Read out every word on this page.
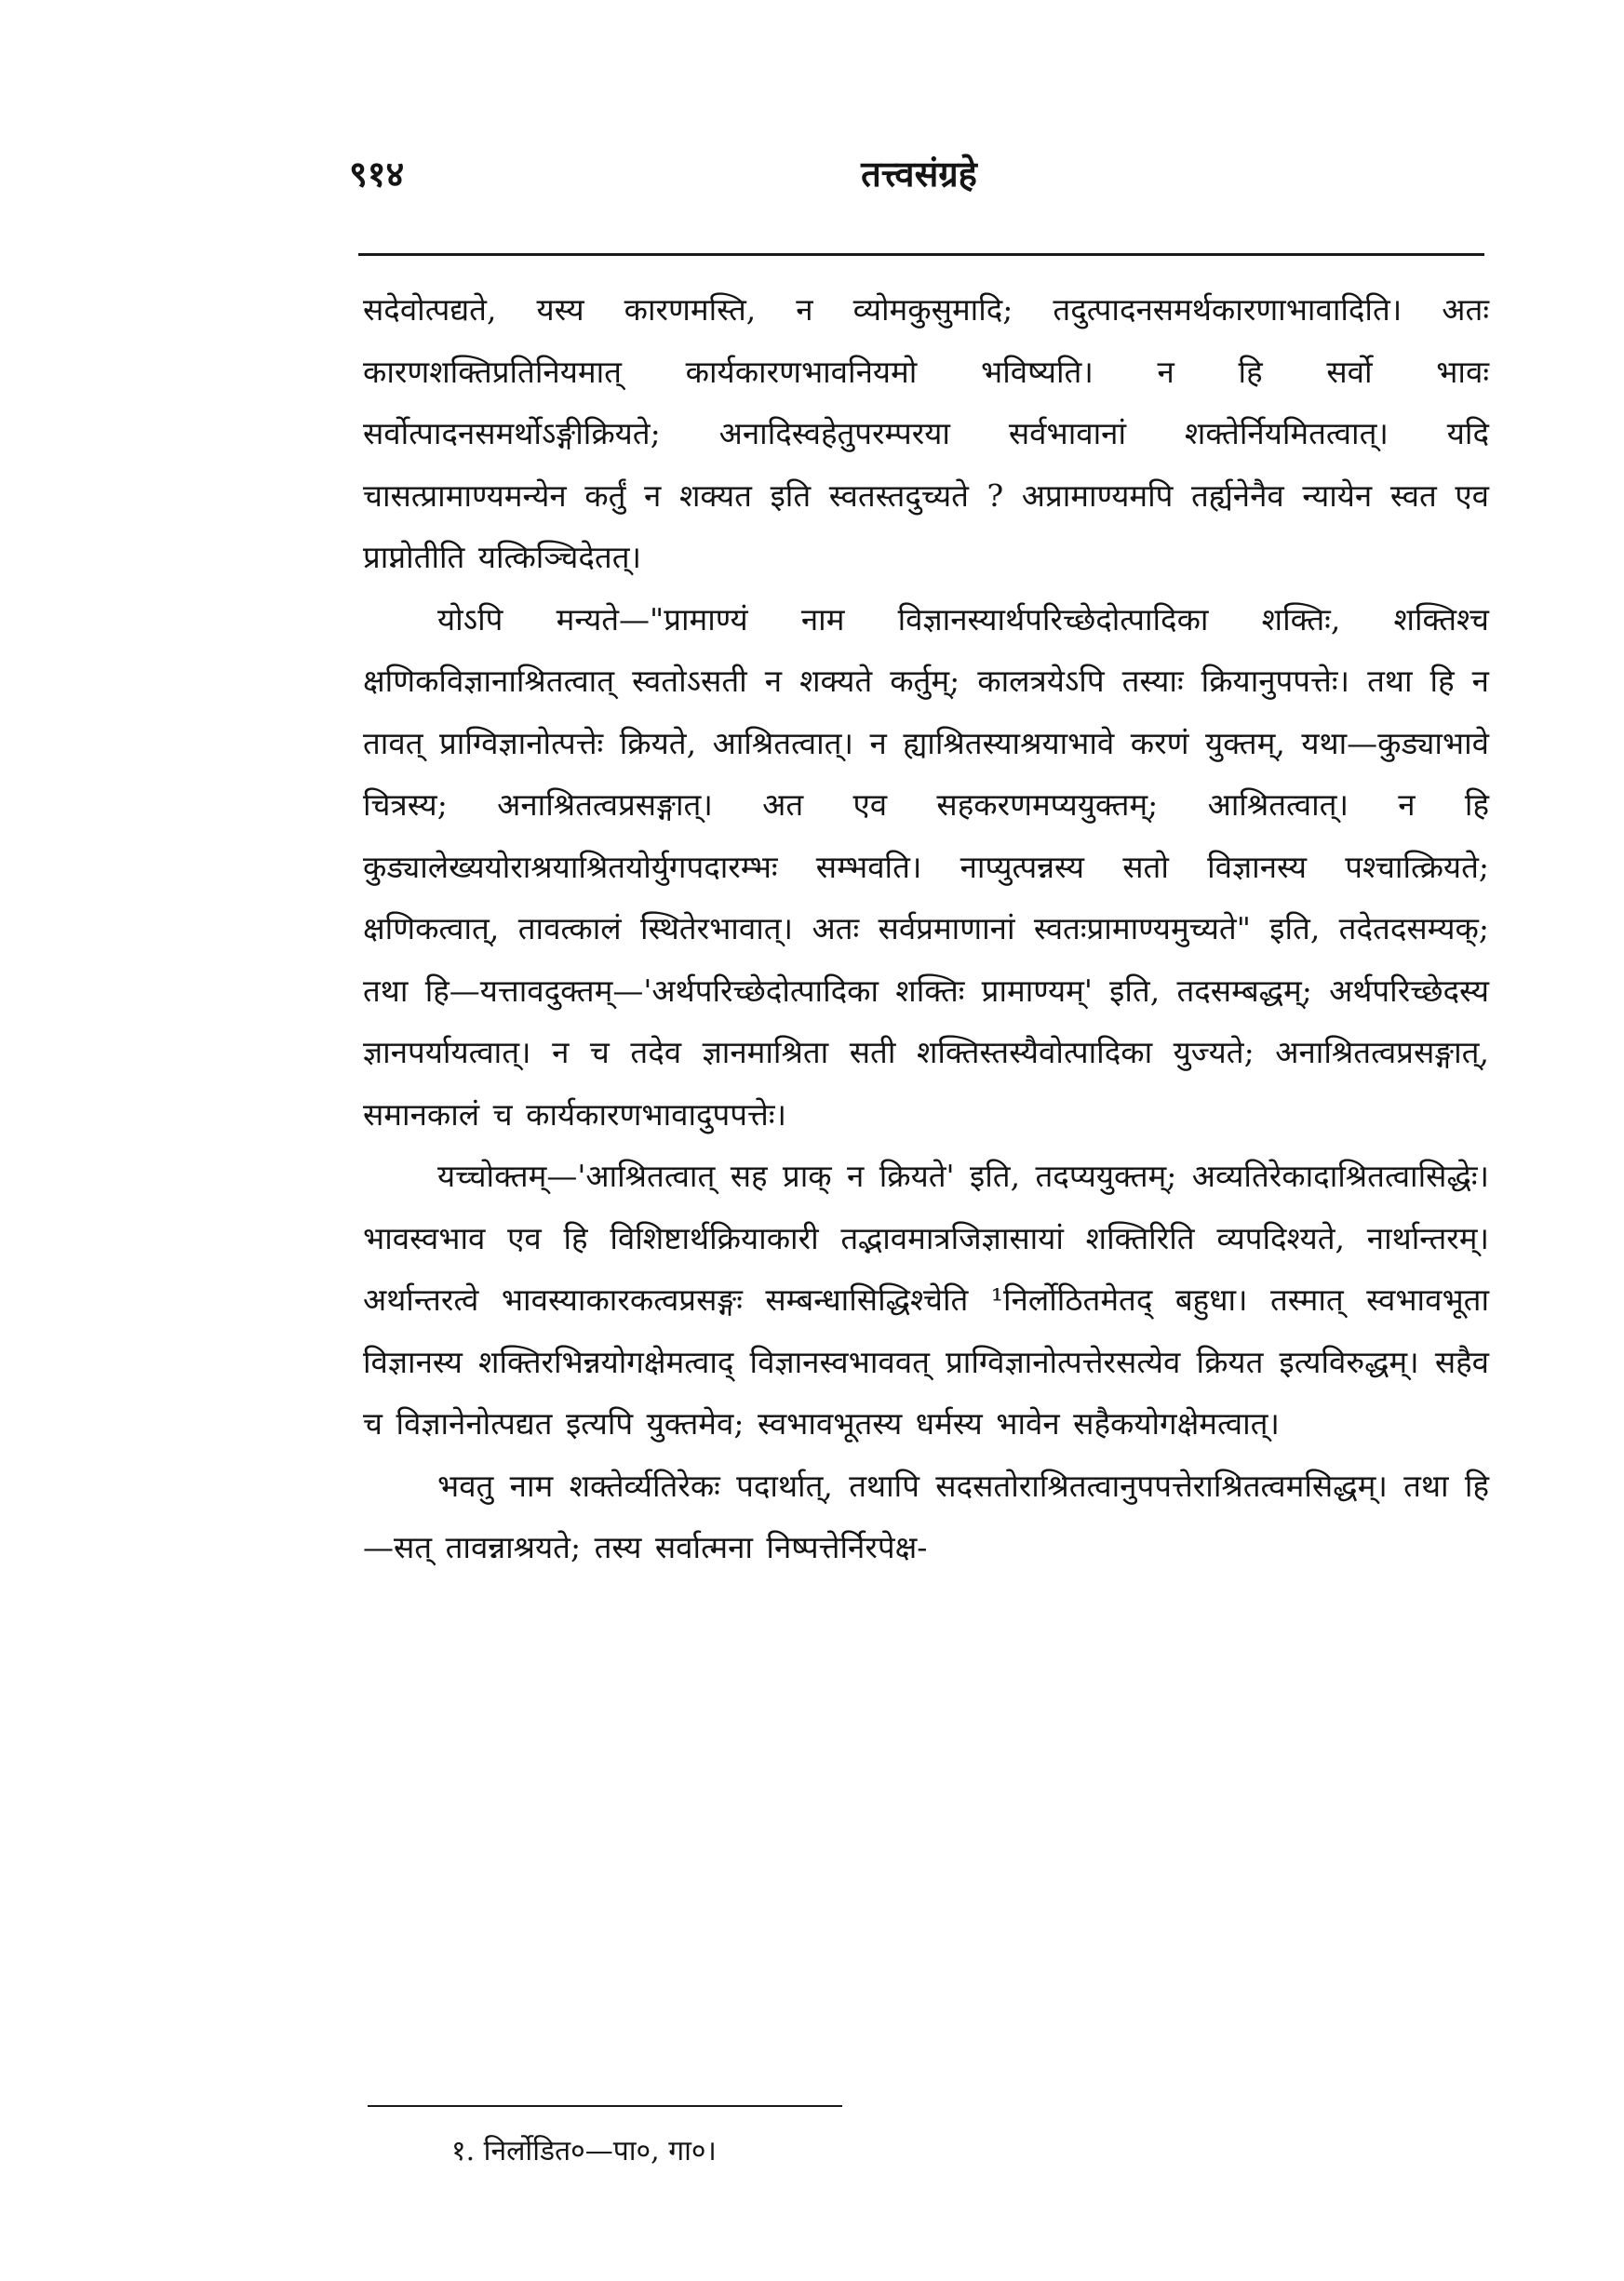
९१४	तत्त्वसंग्रहे

सदेवोत्पद्यते, यस्य कारणमस्ति, न व्योमकुसुमादि; तदुत्पादनसमर्थकारणाभावादिति। अतः कारणशक्तिप्रतिनियमात् कार्यकारणभावनियमो भविष्यति। न हि सर्वो भावः सर्वोत्पादनसमर्थोऽङ्गीक्रियते; अनादिस्वहेतुपरम्परया सर्वभावानां शक्तेर्नियमितत्वात्। यदि चासत्प्रामाण्यमन्येन कर्तुं न शक्यत इति स्वतस्तदुच्यते ? अप्रामाण्यमपि तर्ह्यनेनैव न्यायेन स्वत एव प्राप्नोतीति यत्किञ्चिदेतत्।

योऽपि मन्यते—"प्रामाण्यं नाम विज्ञानस्यार्थपरिच्छेदोत्पादिका शक्तिः, शक्तिश्च क्षणिकविज्ञानाश्रितत्वात् स्वतोऽसती न शक्यते कर्तुम्; कालत्रयेऽपि तस्याः क्रियानुपपत्तेः। तथा हि न तावत् प्राग्विज्ञानोत्पत्तेः क्रियते, आश्रितत्वात्। न ह्याश्रितस्याश्रयाभावे करणं युक्तम्, यथा—कुड्याभावे चित्रस्य; अनाश्रितत्वप्रसङ्गात्। अत एव सहकरणमप्ययुक्तम्; आश्रितत्वात्। न हि कुड्यालेख्ययोराश्रयाश्रितयोर्युगपदारम्भः सम्भवति। नाप्युत्पन्नस्य सतो विज्ञानस्य पश्चात्क्रियते; क्षणिकत्वात्, तावत्कालं स्थितेरभावात्। अतः सर्वप्रमाणानां स्वतःप्रामाण्यमुच्यते" इति, तदेतदसम्यक्; तथा हि—यत्तावदुक्तम्—'अर्थपरिच्छेदोत्पादिका शक्तिः प्रामाण्यम्' इति, तदसम्बद्धम्; अर्थपरिच्छेदस्य ज्ञानपर्यायत्वात्। न च तदेव ज्ञानमाश्रिता सती शक्तिस्तस्यैवोत्पादिका युज्यते; अनाश्रितत्वप्रसङ्गात्, समानकालं च कार्यकारणभावादुपपत्तेः।

यच्चोक्तम्—'आश्रितत्वात् सह प्राक् न क्रियते' इति, तदप्ययुक्तम्; अव्यतिरेकादाश्रितत्वासिद्धेः। भावस्वभाव एव हि विशिष्टार्थक्रियाकारी तद्भावमात्रजिज्ञासायां शक्तिरिति व्यपदिश्यते, नार्थान्तरम्। अर्थान्तरत्वे भावस्याकारकत्वप्रसङ्गः सम्बन्धासिद्धिश्चेति ¹निर्लोठितमेतद् बहुधा। तस्मात् स्वभावभूता विज्ञानस्य शक्तिरभिन्नयोगक्षेमत्वाद् विज्ञानस्वभाववत् प्राग्विज्ञानोत्पत्तेरसत्येव क्रियत इत्यविरुद्धम्। सहैव च विज्ञानेनोत्पद्यत इत्यपि युक्तमेव; स्वभावभूतस्य धर्मस्य भावेन सहैकयोगक्षेमत्वात्।

भवतु नाम शक्तेर्व्यतिरेकः पदार्थात्, तथापि सदसतोराश्रितत्वानुपपत्तेराश्रितत्वमसिद्धम्। तथा हि—सत् तावन्नाश्रयते; तस्य सर्वात्मना निष्पत्तेर्निरपेक्ष-

१. निर्लोडित०—पा०, गा०।
